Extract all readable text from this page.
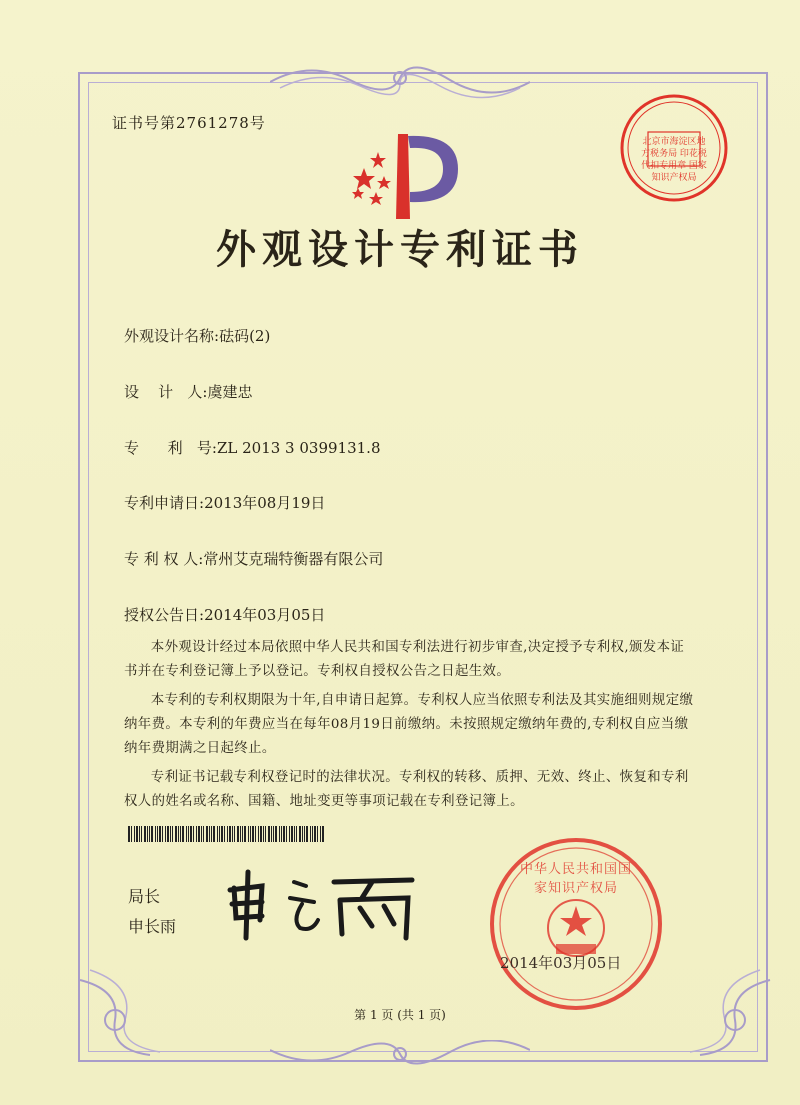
证书号第2761278号
外观设计专利证书
北京市海淀区地方税务局 印花税 代扣专用章 国家知识产权局
外观设计名称:砝码(2)
设    计   人:虞建忠
专      利   号:ZL 2013 3 0399131.8
专利申请日:2013年08月19日
专 利 权 人:常州艾克瑞特衡器有限公司
授权公告日:2014年03月05日

本外观设计经过本局依照中华人民共和国专利法进行初步审查,决定授予专利权,颁发本证书并在专利登记簿上予以登记。专利权自授权公告之日起生效。

本专利的专利权期限为十年,自申请日起算。专利权人应当依照专利法及其实施细则规定缴纳年费。本专利的年费应当在每年08月19日前缴纳。未按照规定缴纳年费的,专利权自应当缴纳年费期满之日起终止。

专利证书记载专利权登记时的法律状况。专利权的转移、质押、无效、终止、恢复和专利权人的姓名或名称、国籍、地址变更等事项记载在专利登记簿上。

局长
申长雨
中华人民共和国国家知识产权局
2014年03月05日
第 1 页 (共 1 页)
